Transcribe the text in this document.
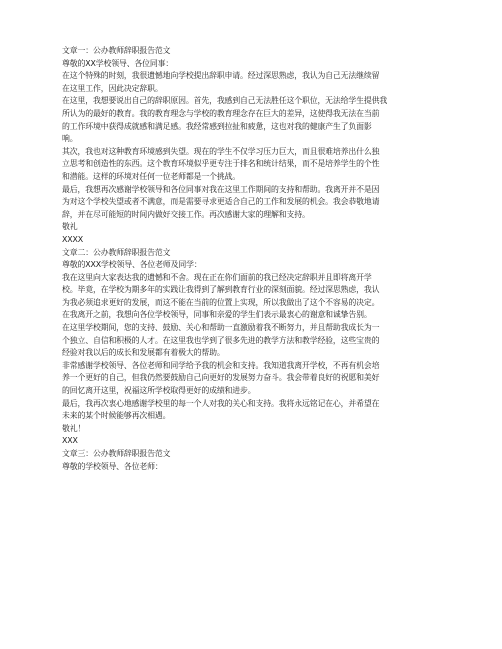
文章一：公办教师辞职报告范文
尊敬的XX学校领导、各位同事：
在这个特殊的时刻，我很遗憾地向学校提出辞职申请。经过深思熟虑，我认为自己无法继续留
在这里工作，因此决定辞职。
在这里，我想要说出自己的辞职原因。首先，我感到自己无法胜任这个职位，无法给学生提供我
所认为的最好的教育。我的教育理念与学校的教育理念存在巨大的差异，这使得我无法在当前
的工作环境中获得成就感和满足感。我经常感到拉扯和疲惫，这也对我的健康产生了负面影
响。
其次，我也对这种教育环境感到失望。现在的学生不仅学习压力巨大，而且很难培养出什么独
立思考和创造性的东西。这个教育环境似乎更专注于排名和统计结果，而不是培养学生的个性
和潜能。这样的环境对任何一位老师都是一个挑战。
最后，我想再次感谢学校领导和各位同事对我在这里工作期间的支持和帮助。我离开并不是因
为对这个学校失望或者不满意，而是需要寻求更适合自己的工作和发展的机会。我会恭敬地请
辞，并在尽可能短的时间内做好交接工作。再次感谢大家的理解和支持。
敬礼
XXXX
文章二：公办教师辞职报告范文
尊敬的XXX学校领导、各位老师及同学：
我在这里向大家表达我的遗憾和不舍。现在正在你们面前的我已经决定辞职并且即将离开学
校。毕竟，在学校为期多年的实践让我得到了解到教育行业的深刻面貌。经过深思熟虑，我认
为我必须追求更好的发展，而这不能在当前的位置上实现，所以我做出了这个不容易的决定。
在我离开之前，我想向各位学校领导，同事和亲爱的学生们表示最衷心的谢意和诚挚告别。
在这里学校期间，您的支持、鼓励、关心和帮助一直激励着我不断努力，并且帮助我成长为一
个独立、自信和积极的人才。在这里我也学到了很多先进的教学方法和教学经验，这些宝贵的
经验对我以后的成长和发展都有着极大的帮助。
非常感谢学校领导、各位老师和同学给予我的机会和支持。我知道我离开学校，不再有机会培
养一个更好的自己，但我仍然要鼓励自己向更好的发展努力奋斗。我会带着良好的祝愿和美好
的回忆离开这里，祝福这所学校取得更好的成绩和进步。
最后，我再次衷心地感谢学校里的每一个人对我的关心和支持。我将永远铭记在心，并希望在
未来的某个时候能够再次相遇。
敬礼！
XXX
文章三：公办教师辞职报告范文
尊敬的学校领导、各位老师：
